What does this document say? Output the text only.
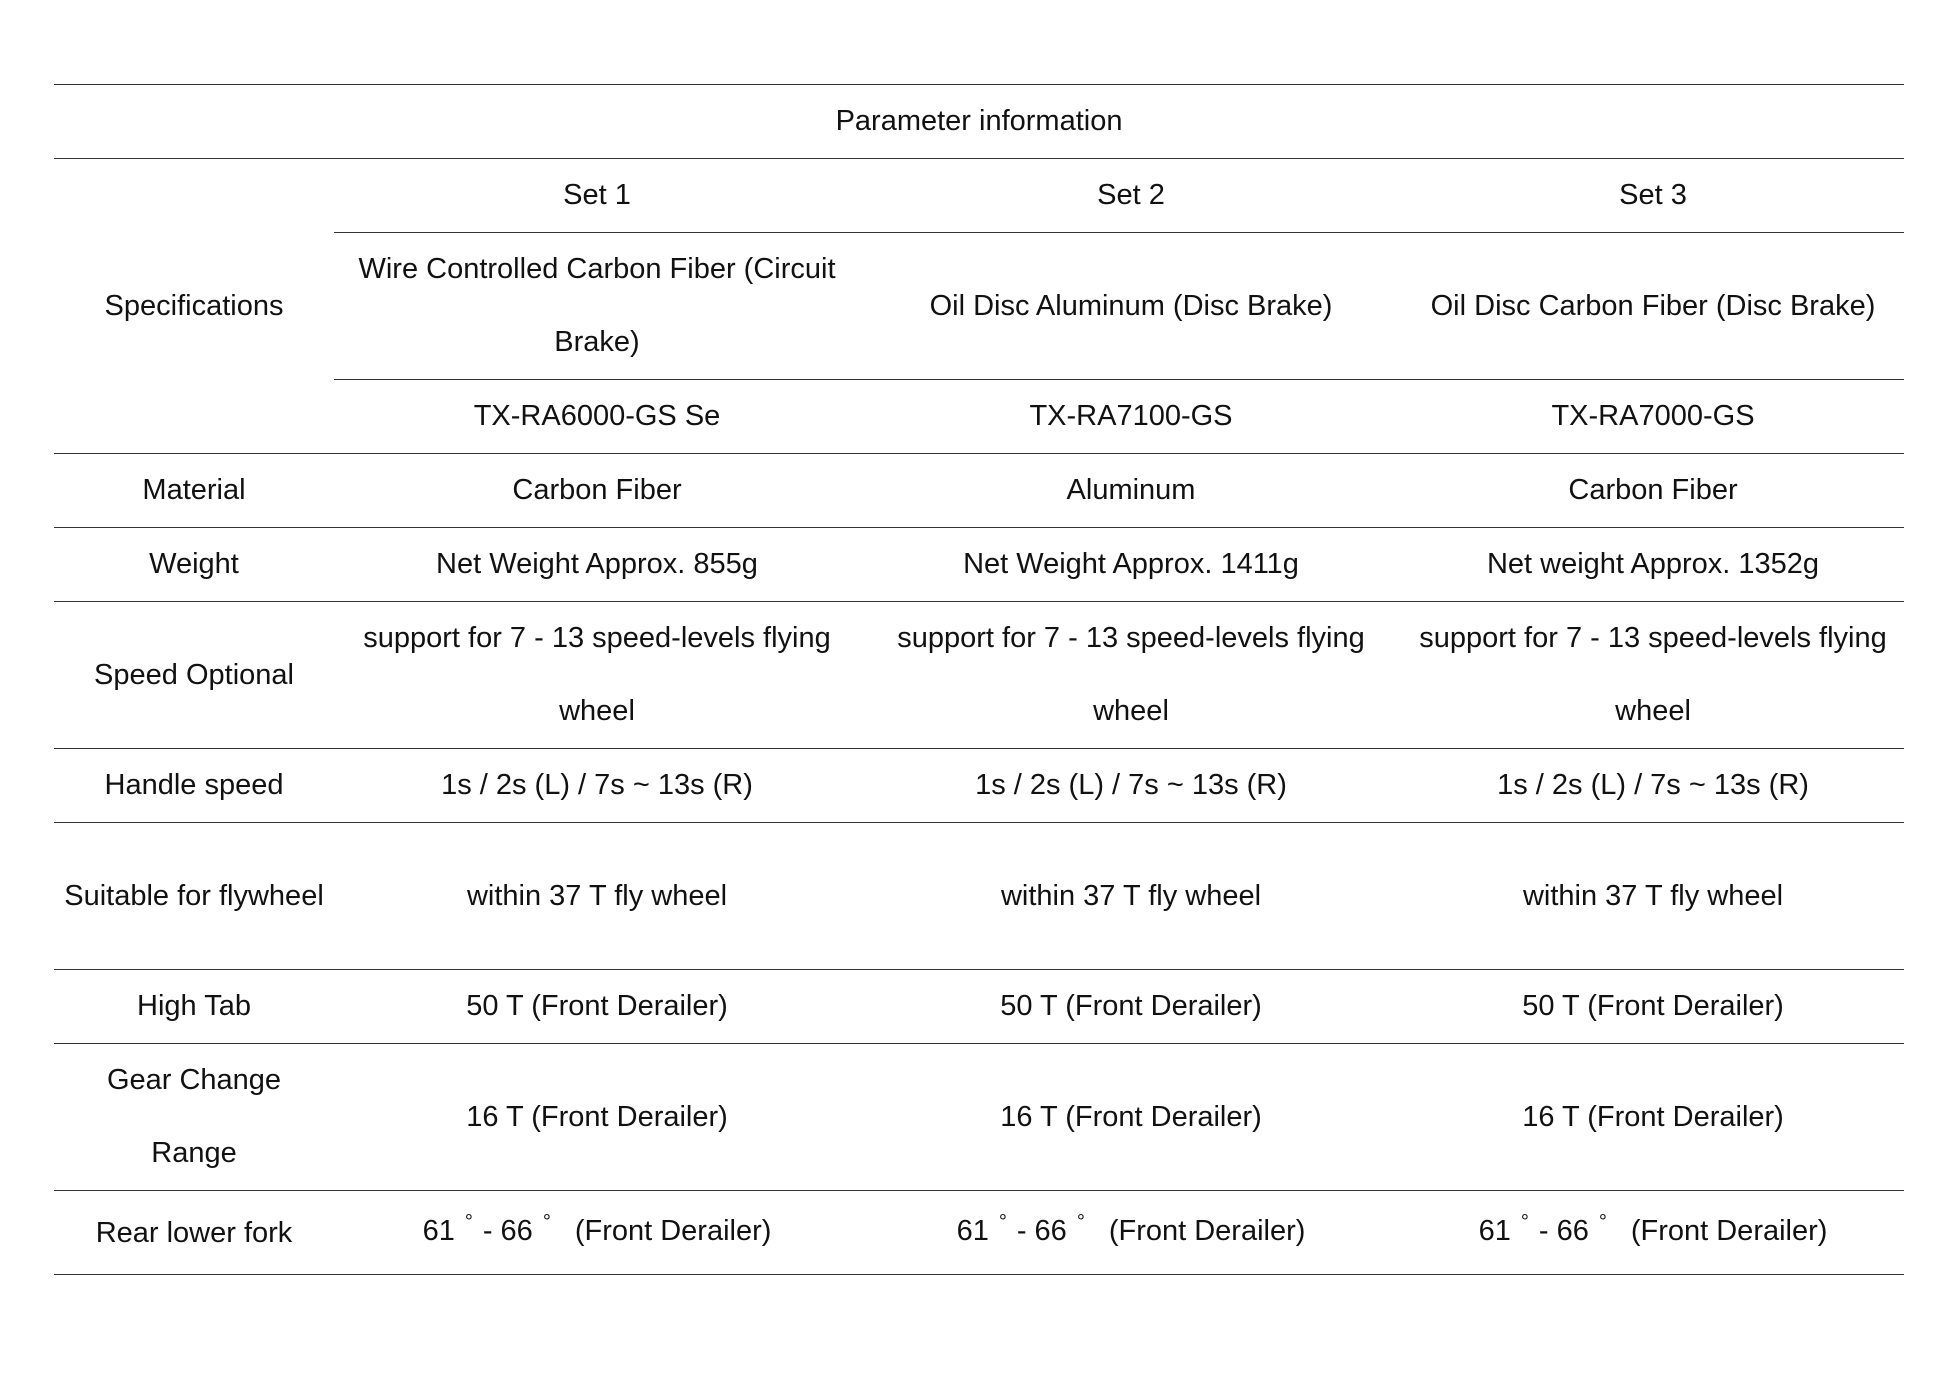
Parameter information			
Specifications	Set 1	Set 2	Set 3
	Wire Controlled Carbon Fiber (Circuit Brake)	Oil Disc Aluminum (Disc Brake)	Oil Disc Carbon Fiber (Disc Brake)
	TX-RA6000-GS Se	TX-RA7100-GS	TX-RA7000-GS
Material	Carbon Fiber	Aluminum	Carbon Fiber
Weight	Net Weight Approx. 855g	Net Weight Approx. 1411g	Net weight Approx. 1352g
Speed Optional	support for 7 - 13 speed-levels flying wheel	support for 7 - 13 speed-levels flying wheel	support for 7 - 13 speed-levels flying wheel
Handle speed	1s / 2s (L) / 7s ~ 13s (R)	1s / 2s (L) / 7s ~ 13s (R)	1s / 2s (L) / 7s ~ 13s (R)
Suitable for flywheel	within 37 T fly wheel	within 37 T fly wheel	within 37 T fly wheel
High Tab	50 T (Front Derailer)	50 T (Front Derailer)	50 T (Front Derailer)
Gear Change Range	16 T (Front Derailer)	16 T (Front Derailer)	16 T (Front Derailer)
Rear lower fork	61 ° - 66 ° (Front Derailer)	61 ° - 66 ° (Front Derailer)	61 ° - 66 ° (Front Derailer)
